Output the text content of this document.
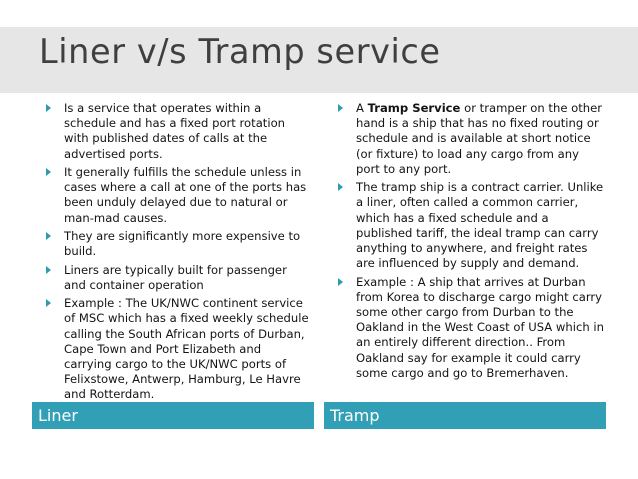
Liner v/s Tramp service
Is a service that operates within a schedule and has a fixed port rotation with published dates of calls at the advertised ports.
It generally fulfills the schedule unless in cases where a call at one of the ports has been unduly delayed due to natural or man-mad causes.
They are significantly more expensive to build.
Liners are typically built for passenger and container operation
Example : The UK/NWC continent service of MSC which has a fixed weekly schedule calling the South African ports of Durban, Cape Town and Port Elizabeth and carrying cargo to the UK/NWC ports of Felixstowe, Antwerp, Hamburg, Le Havre and Rotterdam.
A Tramp Service or tramper on the other hand is a ship that has no fixed routing or schedule and is available at short notice (or fixture) to load any cargo from any port to any port.
The tramp ship is a contract carrier. Unlike a liner, often called a common carrier, which has a fixed schedule and a published tariff, the ideal tramp can carry anything to anywhere, and freight rates are influenced by supply and demand.
Example : A ship that arrives at Durban from Korea to discharge cargo might carry some other cargo from Durban to the Oakland in the West Coast of USA which in an entirely different direction.. From Oakland say for example it could carry some cargo and go to Bremerhaven.
Liner	Tramp
